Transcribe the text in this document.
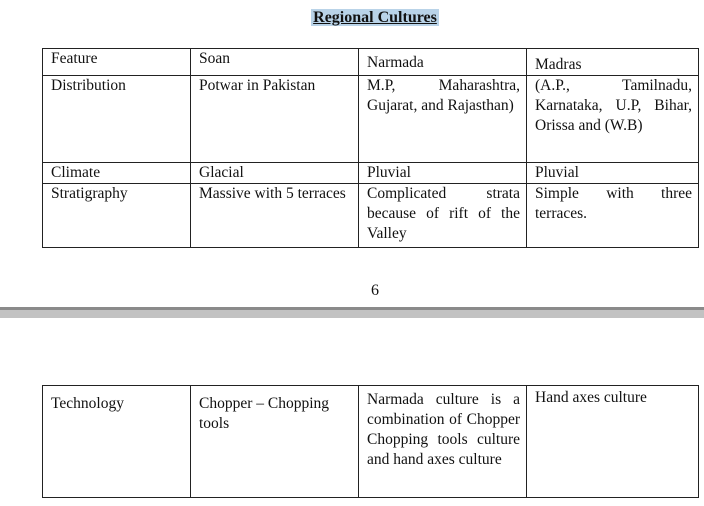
Regional Cultures
Feature	Soan	Narmada	Madras
Distribution	Potwar in Pakistan	M.P, Maharashtra, Gujarat, and Rajasthan)	(A.P., Tamilnadu, Karnataka, U.P, Bihar, Orissa and (W.B)
Climate	Glacial	Pluvial	Pluvial
Stratigraphy	Massive with 5 terraces	Complicated strata because of rift of the Valley	Simple with three terraces.
6
Technology	Chopper – Chopping tools	Narmada culture is a combination of Chopper Chopping tools culture and hand axes culture	Hand axes culture
